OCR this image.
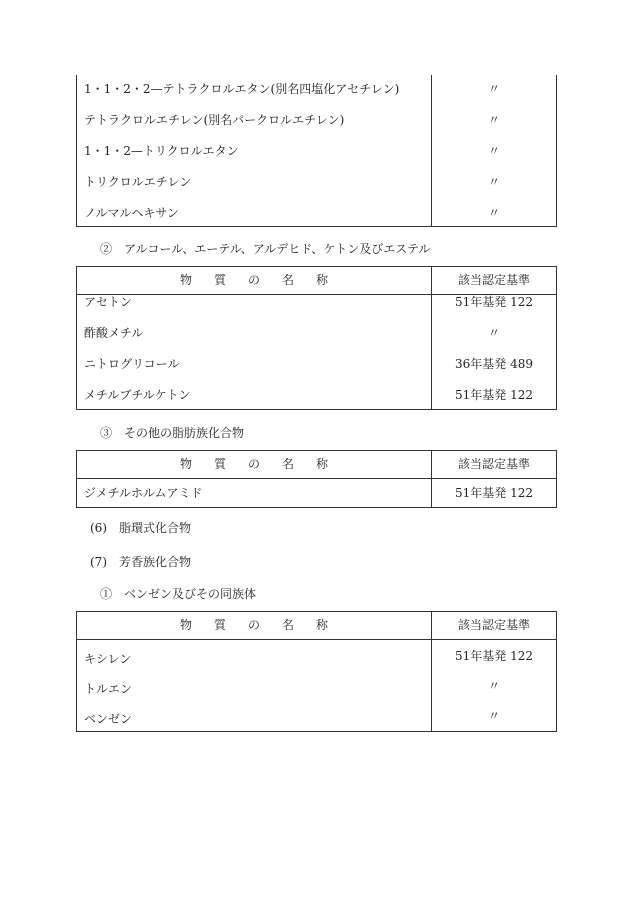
1・1・2・2—テトラクロルエタン(別名四塩化アセチレン)	〃
テトラクロルエチレン(別名パークロルエチレン)	〃
1・1・2—トリクロルエタン	〃
トリクロルエチレン	〃
ノルマルヘキサン	〃
②　アルコール、エーテル、アルデヒド、ケトン及びエステル
物質の名称	該当認定基準
アセトン	51年基発 122
酢酸メチル	〃
ニトログリコール	36年基発 489
メチルブチルケトン	51年基発 122
③　その他の脂肪族化合物
物質の名称	該当認定基準
ジメチルホルムアミド	51年基発 122
(6)　脂環式化合物
(7)　芳香族化合物
①　ベンゼン及びその同族体
物質の名称	該当認定基準
キシレン	51年基発 122
トルエン	〃
ベンゼン	〃
